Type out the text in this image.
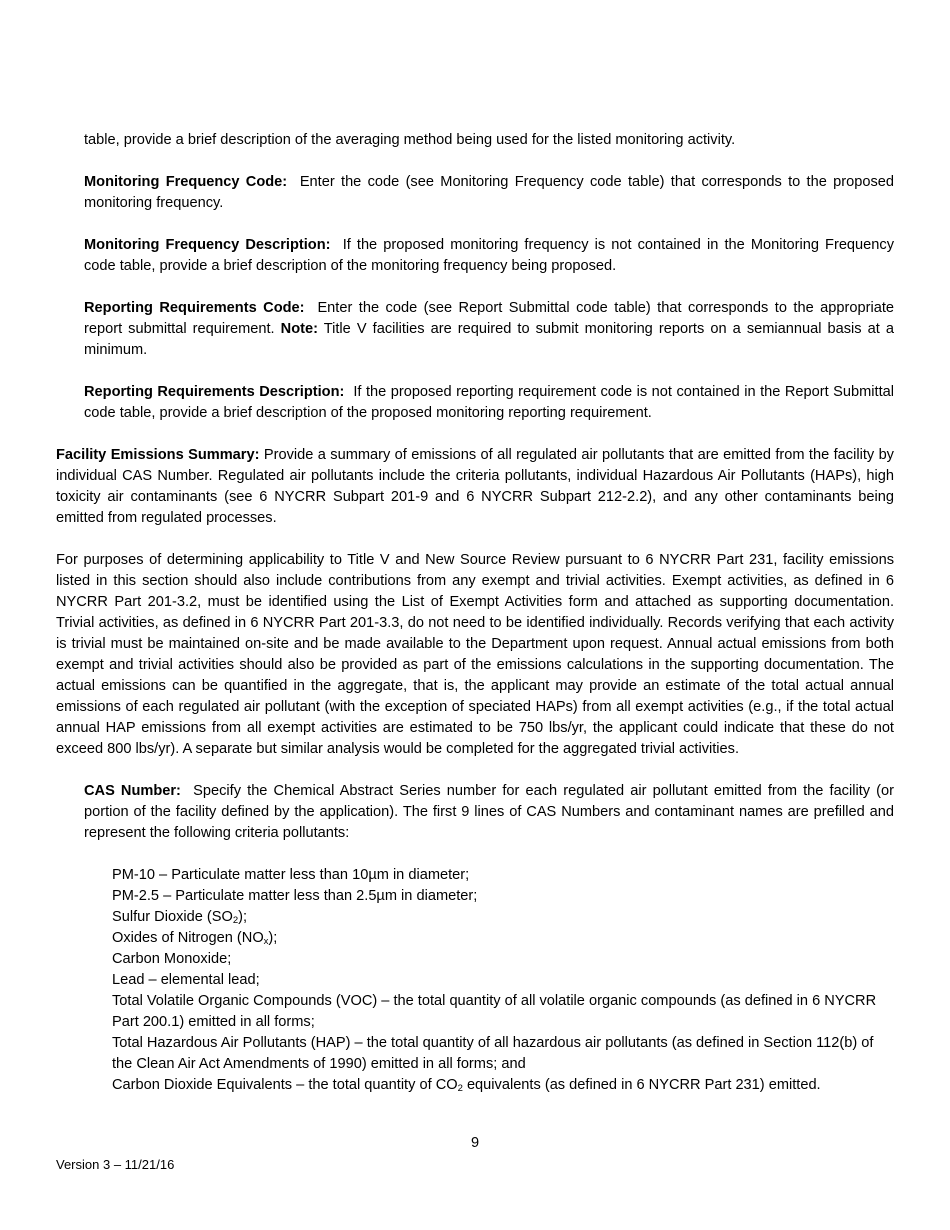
table, provide a brief description of the averaging method being used for the listed monitoring activity.

Monitoring Frequency Code: Enter the code (see Monitoring Frequency code table) that corresponds to the proposed monitoring frequency.

Monitoring Frequency Description: If the proposed monitoring frequency is not contained in the Monitoring Frequency code table, provide a brief description of the monitoring frequency being proposed.

Reporting Requirements Code: Enter the code (see Report Submittal code table) that corresponds to the appropriate report submittal requirement. Note: Title V facilities are required to submit monitoring reports on a semiannual basis at a minimum.

Reporting Requirements Description: If the proposed reporting requirement code is not contained in the Report Submittal code table, provide a brief description of the proposed monitoring reporting requirement.

Facility Emissions Summary: Provide a summary of emissions of all regulated air pollutants that are emitted from the facility by individual CAS Number. Regulated air pollutants include the criteria pollutants, individual Hazardous Air Pollutants (HAPs), high toxicity air contaminants (see 6 NYCRR Subpart 201-9 and 6 NYCRR Subpart 212-2.2), and any other contaminants being emitted from regulated processes.

For purposes of determining applicability to Title V and New Source Review pursuant to 6 NYCRR Part 231, facility emissions listed in this section should also include contributions from any exempt and trivial activities. Exempt activities, as defined in 6 NYCRR Part 201-3.2, must be identified using the List of Exempt Activities form and attached as supporting documentation. Trivial activities, as defined in 6 NYCRR Part 201-3.3, do not need to be identified individually. Records verifying that each activity is trivial must be maintained on-site and be made available to the Department upon request. Annual actual emissions from both exempt and trivial activities should also be provided as part of the emissions calculations in the supporting documentation. The actual emissions can be quantified in the aggregate, that is, the applicant may provide an estimate of the total actual annual emissions of each regulated air pollutant (with the exception of speciated HAPs) from all exempt activities (e.g., if the total actual annual HAP emissions from all exempt activities are estimated to be 750 lbs/yr, the applicant could indicate that these do not exceed 800 lbs/yr). A separate but similar analysis would be completed for the aggregated trivial activities.

CAS Number: Specify the Chemical Abstract Series number for each regulated air pollutant emitted from the facility (or portion of the facility defined by the application). The first 9 lines of CAS Numbers and contaminant names are prefilled and represent the following criteria pollutants:

PM-10 – Particulate matter less than 10µm in diameter;
PM-2.5 – Particulate matter less than 2.5µm in diameter;
Sulfur Dioxide $(SO_2)$;
Oxides of Nitrogen $(NO_x)$;
Carbon Monoxide;
Lead – elemental lead;
Total Volatile Organic Compounds (VOC) – the total quantity of all volatile organic compounds (as defined in 6 NYCRR Part 200.1) emitted in all forms;
Total Hazardous Air Pollutants (HAP) – the total quantity of all hazardous air pollutants (as defined in Section 112(b) of the Clean Air Act Amendments of 1990) emitted in all forms; and
Carbon Dioxide Equivalents – the total quantity of $CO_2$ equivalents (as defined in 6 NYCRR Part 231) emitted.
9
Version 3 – 11/21/16
